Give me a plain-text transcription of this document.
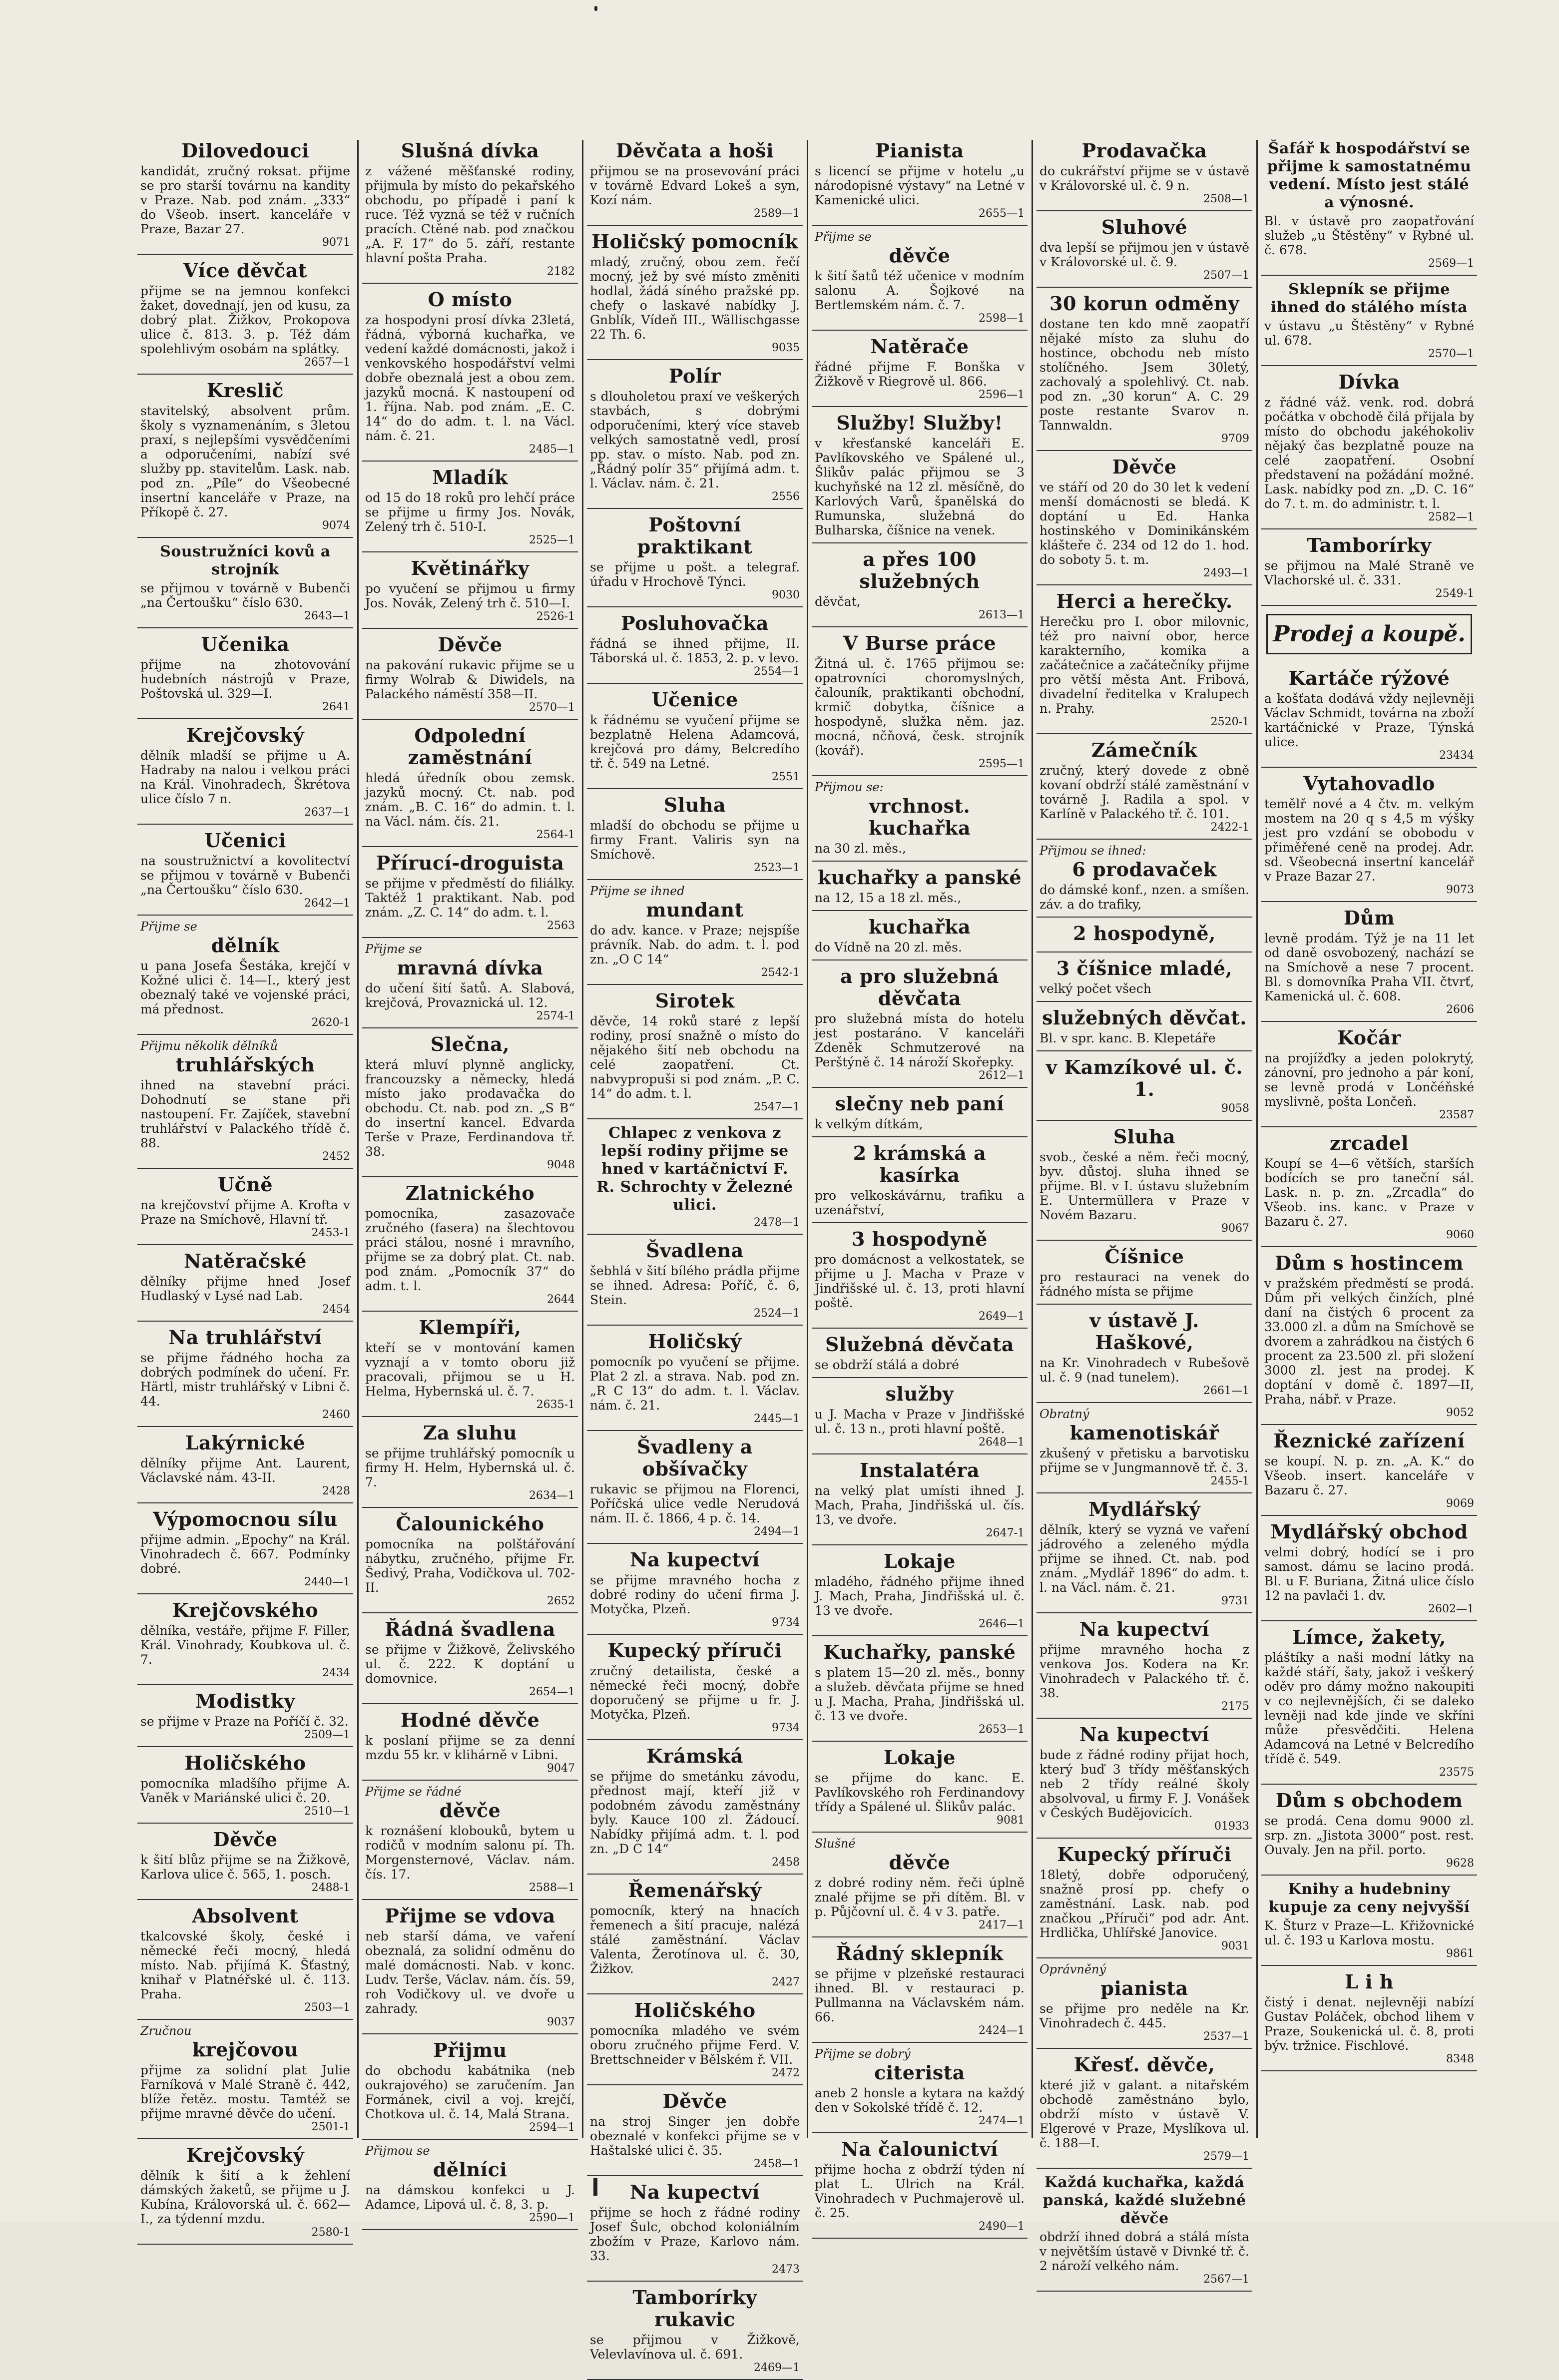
Dilovedouci
kandidát, zručný roksat. přijme se pro starší továrnu na kandity v Praze. Nab. pod znám. „333“ do Všeob. insert. kanceláře v Praze, Bazar 27.
9071
Více děvčat
přijme se na jemnou konfekci žaket, dovednají, jen od kusu, za dobrý plat. Žižkov, Prokopova ulice č. 813. 3. p. Též dám spolehlivým osobám na splátky.
2657—1
Kreslič
stavitelský, absolvent prům. školy s vyznamenáním, s 3letou praxí, s nejlepšími vysvědčeními a odporučeními, nabízí své služby pp. stavitelům. Lask. nab. pod zn. „Píle“ do Všeobecné insertní kanceláře v Praze, na Příkopě č. 27.
9074
Soustružníci kovů a strojník
se přijmou v továrně v Bubenči „na Čertoušku“ číslo 630.
2643—1
Učenika
přijme na zhotovování hudebních nástrojů v Praze, Poštovská ul. 329—I.
2641
Krejčovský
dělník mladší se přijme u A. Hadraby na nalou i velkou práci na Král. Vinohradech, Škrétova ulice číslo 7 n.
2637—1
Učenici
na soustružnictví a kovolitectví se přijmou v továrně v Bubenči „na Čertoušku“ číslo 630.
2642—1
Přijme se
dělník
u pana Josefa Šestáka, krejčí v Kožné ulici č. 14—I., který jest obeznalý také ve vojenské práci, má přednost.
2620-1
Přijmu několik dělníků
truhlářských
ihned na stavební práci. Dohodnutí se stane při nastoupení. Fr. Zajíček, stavební truhlářství v Palackého třídě č. 88.
2452
Učně
na krejčovství přijme A. Krofta v Praze na Smíchově, Hlavní tř.
2453-1
Natěračské
dělníky přijme hned Josef Hudlaský v Lysé nad Lab.
2454
Na truhlářství
se přijme řádného hocha za dobrých podmínek do učení. Fr. Härtl, mistr truhlářský v Libni č. 44.
2460
Lakýrnické
dělníky přijme Ant. Laurent, Václavské nám. 43-II.
2428
Výpomocnou sílu
přijme admin. „Epochy“ na Král. Vinohradech č. 667. Podmínky dobré.
2440—1
Krejčovského
dělníka, vestáře, přijme F. Filler, Král. Vinohrady, Koubkova ul. č. 7.
2434
Modistky
se přijme v Praze na Poříčí č. 32.
2509—1
Holičského
pomocníka mladšího přijme A. Vaněk v Mariánské ulici č. 20.
2510—1
Děvče
k šití blůz přijme se na Žižkově, Karlova ulice č. 565, 1. posch.
2488-1
Absolvent
tkalcovské školy, české i německé řeči mocný, hledá místo. Nab. přijímá K. Šťastný, knihař v Platnéřské ul. č. 113. Praha.
2503—1
Zručnou
krejčovou
přijme za solidní plat Julie Farníková v Malé Straně č. 442, blíže řetěz. mostu. Tamtéž se přijme mravné děvče do učení.
2501-1
Krejčovský
dělník k šití a k žehlení dámských žaketů, se přijme u J. Kubína, Královorská ul. č. 662—I., za týdenní mzdu.
2580-1
Slušná dívka
z vážené měšťanské rodiny, přijmula by místo do pekařského obchodu, po případě i paní k ruce. Též vyzná se též v ručních pracích. Ctěné nab. pod značkou „A. F. 17“ do 5. září, restante hlavní pošta Praha.
2182
O místo
za hospodyni prosí dívka 23letá, řádná, výborná kuchařka, ve vedení každé domácnosti, jakož i venkovského hospodářství velmi dobře obeznalá jest a obou zem. jazyků mocná. K nastoupení od 1. října. Nab. pod znám. „E. C. 14“ do do adm. t. l. na Václ. nám. č. 21.
2485—1
Mladík
od 15 do 18 roků pro lehčí práce se přijme u firmy Jos. Novák, Zelený trh č. 510-I.
2525—1
Květinářky
po vyučení se přijmou u firmy Jos. Novák, Zelený trh č. 510—I.
2526-1
Děvče
na pakování rukavic přijme se u firmy Wolrab & Diwidels, na Palackého náměstí 358—II.
2570—1
Odpolední zaměstnání
hledá úředník obou zemsk. jazyků mocný. Ct. nab. pod znám. „B. C. 16“ do admin. t. l. na Václ. nám. čís. 21.
2564-1
Přírucí-droguista
se přijme v předměstí do filiálky. Taktéž 1 praktikant. Nab. pod znám. „Z. C. 14“ do adm. t. l.
2563
Přijme se
mravná dívka
do učení šití šatů. A. Slabová, krejčová, Provaznická ul. 12.
2574-1
Slečna,
která mluví plynně anglicky, francouzsky a německy, hledá místo jako prodavačka do obchodu. Ct. nab. pod zn. „S B“ do insertní kancel. Edvarda Terše v Praze, Ferdinandova tř. 38.
9048
Zlatnického
pomocníka, zasazovače zručného (fasera) na šlechtovou práci stálou, nosné i mravního, přijme se za dobrý plat. Ct. nab. pod znám. „Pomocník 37“ do adm. t. l.
2644
Klempíři,
kteří se v montování kamen vyznají a v tomto oboru již pracovali, přijmou se u H. Helma, Hybernská ul. č. 7.
2635-1
Za sluhu
se přijme truhlářský pomocník u firmy H. Helm, Hybernská ul. č. 7.
2634—1
Čalounického
pomocníka na polštářování nábytku, zručného, přijme Fr. Šedivý, Praha, Vodičkova ul. 702-II.
2652
Řádná švadlena
se přijme v Žižkově, Želivského ul. č. 222. K doptání u domovnice.
2654—1
Hodné děvče
k poslaní přijme se za denní mzdu 55 kr. v klihárně v Libni.
9047
Přijme se řádné
děvče
k roznášení klobouků, bytem u rodičů v modním salonu pí. Th. Morgensternové, Václav. nám. čís. 17.
2588—1
Přijme se vdova
neb starší dáma, ve vaření obeznalá, za solidní odměnu do malé domácnosti. Nab. v konc. Ludv. Terše, Václav. nám. čís. 59, roh Vodičkovy ul. ve dvoře u zahrady.
9037
Přijmu
do obchodu kabátnika (neb oukrajového) se zaručením. Jan Formánek, civil a voj. krejčí, Chotkova ul. č. 14, Malá Strana.
2594—1
Přijmou se
dělníci
na dámskou konfekci u J. Adamce, Lipová ul. č. 8, 3. p.
2590—1
Děvčata a hoši
přijmou se na prosevování práci v továrně Edvard Lokeš a syn, Kozí nám.
2589—1
Holičský pomocník
mladý, zručný, obou zem. řečí mocný, jež by své místo změniti hodlal, žádá síného pražské pp. chefy o laskavé nabídky J. Gnblík, Vídeň III., Wällischgasse 22 Th. 6.
9035
Polír
s dlouholetou praxí ve veškerých stavbách, s dobrými odporučeními, který více staveb velkých samostatně vedl, prosí pp. stav. o místo. Nab. pod zn. „Řádný polír 35“ přijímá adm. t. l. Václav. nám. č. 21.
2556
Poštovní praktikant
se přijme u pošt. a telegraf. úřadu v Hrochově Týnci.
9030
Posluhovačka
řádná se ihned přijme, II. Táborská ul. č. 1853, 2. p. v levo.
2554—1
Učenice
k řádnému se vyučení přijme se bezplatně Helena Adamcová, krejčová pro dámy, Belcredího tř. č. 549 na Letné.
2551
Sluha
mladší do obchodu se přijme u firmy Frant. Valiris syn na Smíchově.
2523—1
Přijme se ihned
mundant
do adv. kance. v Praze; nejspíše právník. Nab. do adm. t. l. pod zn. „O C 14“
2542-1
Sirotek
děvče, 14 roků staré z lepší rodiny, prosí snažně o místo do nějakého šití neb obchodu na celé zaopatření. Ct. nabvypropuši si pod znám. „P. C. 14“ do adm. t. l.
2547—1
Chlapec z venkova z lepší rodiny přijme se hned v kartáčnictví F. R. Schrochty v Železné ulici.
2478—1
Švadlena
šebhlá v šití bílého prádla přijme se ihned. Adresa: Poříč, č. 6, Stein.
2524—1
Holičský
pomocník po vyučení se přijme. Plat 2 zl. a strava. Nab. pod zn. „R C 13“ do adm. t. l. Václav. nám. č. 21.
2445—1
Švadleny a obšívačky
rukavic se přijmou na Florenci, Poříčská ulice vedle Nerudová nám. II. č. 1866, 4 p. č. 14.
2494—1
Na kupectví
se přijme mravného hocha z dobré rodiny do učení firma J. Motyčka, Plzeň.
9734
Kupecký příruči
zručný detailista, české a německé řeči mocný, dobře doporučený se přijme u fr. J. Motyčka, Plzeň.
9734
Krámská
se přijme do smetánku závodu, přednost mají, kteří již v podobném závodu zaměstnány byly. Kauce 100 zl. Žádoucí. Nabídky přijímá adm. t. l. pod zn. „D C 14“
2458
Řemenářský
pomocník, který na hnacích řemenech a šití pracuje, nalézá stálé zaměstnání. Václav Valenta, Žerotínova ul. č. 30, Žižkov.
2427
Holičského
pomocníka mladého ve svém oboru zručného přijme Ferd. V. Brettschneider v Bělském ř. VII.
2472
Děvče
na stroj Singer jen dobře obeznalé v konfekci přijme se v Haštalské ulici č. 35.
2458—1
Na kupectví
přijme se hoch z řádné rodiny Josef Šulc, obchod koloniálním zbožím v Praze, Karlovo nám. 33.
2473
Tamborírky rukavic
se přijmou v Žižkově, Velevlavínova ul. č. 691.
2469—1
Pianista
s licencí se přijme v hotelu „u národopisné výstavy“ na Letné v Kamenické ulici.
2655—1
Přijme se
děvče
k šití šatů též učenice v modním salonu A. Šojkové na Bertlemském nám. č. 7.
2598—1
Natěrače
řádné přijme F. Bonška v Žižkově v Riegrově ul. 866.
2596—1
Služby! Služby!
v křesťanské kanceláři E. Pavlíkovského ve Spálené ul., Šlikův palác přijmou se 3 kuchyňské na 12 zl. měsíčně, do Karlových Varů, španělská do Rumunska, služebná do Bulharska, číšnice na venek.
a přes 100 služebných
děvčat,
2613—1
V Burse práce
Žitná ul. č. 1765 přijmou se: opatrovníci choromyslných, čalouník, praktikanti obchodní, krmič dobytka, číšnice a hospodyně, služka něm. jaz. mocná, nčňová, česk. strojník (kovář).
2595—1
Přijmou se:
vrchnost. kuchařka
na 30 zl. měs.,
kuchařky a panské
na 12, 15 a 18 zl. měs.,
kuchařka
do Vídně na 20 zl. měs.
a pro služebná děvčata
pro služebná místa do hotelu jest postaráno. V kanceláři Zdeněk Schmutzerové na Perštýně č. 14 nároží Skořepky.
2612—1
slečny neb paní
k velkým dítkám,
2 krámská a kasírka
pro velkoskávárnu, trafiku a uzenářství,
3 hospodyně
pro domácnost a velkostatek, se přijme u J. Macha v Praze v Jindřišské ul. č. 13, proti hlavní poště.
2649—1
Služebná děvčata
se obdrží stálá a dobré
služby
u J. Macha v Praze v Jindřišské ul. č. 13 n., proti hlavní poště.
2648—1
Instalatéra
na velký plat umísti ihned J. Mach, Praha, Jindřišská ul. čís. 13, ve dvoře.
2647-1
Lokaje
mladého, řádného přijme ihned J. Mach, Praha, Jindřišská ul. č. 13 ve dvoře.
2646—1
Kuchařky, panské
s platem 15—20 zl. měs., bonny a služeb. děvčata přijme se hned u J. Macha, Praha, Jindřišská ul. č. 13 ve dvoře.
2653—1
Lokaje
se přijme do kanc. E. Pavlíkovského roh Ferdinandovy třídy a Spálené ul. Šlikův palác.
9081
Slušné
děvče
z dobré rodiny něm. řeči úplně znalé přijme se při dítěm. Bl. v p. Půjčovní ul. č. 4 v 3. patře.
2417—1
Řádný sklepník
se přijme v plzeňské restauraci ihned. Bl. v restauraci p. Pullmanna na Václavském nám. 66.
2424—1
Přijme se dobrý
citerista
aneb 2 honsle a kytara na každý den v Sokolské třídě č. 12.
2474—1
Na čalounictví
přijme hocha z obdrží týden ní plat L. Ulrich na Král. Vinohradech v Puchmajerově ul. č. 25.
2490—1
Prodavačka
do cukrářství přijme se v ústavě v Královorské ul. č. 9 n.
2508—1
Sluhové
dva lepší se přijmou jen v ústavě v Královorské ul. č. 9.
2507—1
30 korun odměny
dostane ten kdo mně zaopatří nějaké místo za sluhu do hostince, obchodu neb místo stolíčného. Jsem 30letý, zachovalý a spolehlivý. Ct. nab. pod zn. „30 korun“ A. C. 29 poste restante Svarov n. Tannwaldn.
9709
Děvče
ve stáří od 20 do 30 let k vedení menší domácnosti se bledá. K doptání u Ed. Hanka hostinského v Dominikánském klášteře č. 234 od 12 do 1. hod. do soboty 5. t. m.
2493—1
Herci a herečky.
Herečku pro I. obor milovnic, též pro naivní obor, herce karakterního, komika a začátečnice a začátečníky přijme pro větší města Ant. Fribová, divadelní ředitelka v Kralupech n. Prahy.
2520-1
Zámečník
zručný, který dovede z obně kovaní obdrží stálé zaměstnání v továrně J. Radila a spol. v Karlíně v Palackého tř. č. 101.
2422-1
Přijmou se ihned:
6 prodavaček
do dámské konf., nzen. a smíšen. záv. a do trafiky,
2 hospodyně,
3 číšnice mladé,
velký počet všech
služebných děvčat.
Bl. v spr. kanc. B. Klepetáře
v Kamzíkové ul. č. 1.
9058
Sluha
svob., české a něm. řeči mocný, byv. důstoj. sluha ihned se přijme. Bl. v I. ústavu služebním E. Untermüllera v Praze v Novém Bazaru.
9067
Číšnice
pro restauraci na venek do řádného místa se přijme
v ústavě J. Haškové,
na Kr. Vinohradech v Rubešově ul. č. 9 (nad tunelem).
2661—1
Obratný
kamenotiskář
zkušený v přetisku a barvotisku přijme se v Jungmannově tř. č. 3.
2455-1
Mydlářský
dělník, který se vyzná ve vaření jádrového a zeleného mýdla přijme se ihned. Ct. nab. pod znám. „Mydlář 1896“ do adm. t. l. na Václ. nám. č. 21.
9731
Na kupectví
přijme mravného hocha z venkova Jos. Kodera na Kr. Vinohradech v Palackého tř. č. 38.
2175
Na kupectví
bude z řádné rodiny přijat hoch, který buď 3 třídy měšťanských neb 2 třídy reálné školy absolvoval, u firmy F. J. Vonášek v Českých Budějovicích.
01933
Kupecký příruči
18letý, dobře odporučený, snažně prosí pp. chefy o zaměstnání. Lask. nab. pod značkou „Příruči“ pod adr. Ant. Hrdlička, Uhlířské Janovice.
9031
Oprávněný
pianista
se přijme pro neděle na Kr. Vinohradech č. 445.
2537—1
Křesť. děvče,
které již v galant. a nitařském obchodě zaměstnáno bylo, obdrží místo v ústavě V. Elgerové v Praze, Myslíkova ul. č. 188—I.
2579—1
Každá kuchařka, každá panská, každé služebné děvče
obdrží ihned dobrá a stálá místa v největším ústavě v Divnké tř. č. 2 nároží velkého nám.
2567—1
Šafář k hospodářství se přijme k samostatnému vedení. Místo jest stálé a výnosné.
Bl. v ústavě pro zaopatřování služeb „u Štěstěny“ v Rybné ul. č. 678.
2569—1
Sklepník se přijme ihned do stálého místa
v ústavu „u Štěstěny“ v Rybné ul. 678.
2570—1
Dívka
z řádné váž. venk. rod. dobrá počátka v obchodě čilá přijala by místo do obchodu jakéhokoliv nějaký čas bezplatně pouze na celé zaopatření. Osobní představení na požádání možné. Lask. nabídky pod zn. „D. C. 16“ do 7. t. m. do administr. t. l.
2582—1
Tamborírky
se přijmou na Malé Straně ve Vlachorské ul. č. 331.
2549-1
Prodej a koupě.
Kartáče rýžové
a košťata dodává vždy nejlevněji Václav Schmidt, továrna na zboží kartáčnické v Praze, Týnská ulice.
23434
Vytahovadlo
temělř nové a 4 čtv. m. velkým mostem na 20 q s 4,5 m výšky jest pro vzdání se obobodu v přiměřené ceně na prodej. Adr. sd. Všeobecná insertní kancelář v Praze Bazar 27.
9073
Dům
levně prodám. Týž je na 11 let od daně osvobozený, nachází se na Smíchově a nese 7 procent. Bl. s domovníka Praha VII. čtvrť, Kamenická ul. č. 608.
2606
Kočár
na projížďky a jeden polokrytý, zánovní, pro jednoho a pár koní, se levně prodá v Lončéňské myslivně, pošta Lončeň.
23587
zrcadel
Koupí se 4—6 větších, starších bodících se pro taneční sál. Lask. n. p. zn. „Zrcadla“ do Všeob. ins. kanc. v Praze v Bazaru č. 27.
9060
Dům s hostincem
v pražském předměstí se prodá. Dům při velkých činžích, plné daní na čistých 6 procent za 33.000 zl. a dům na Smíchově se dvorem a zahrádkou na čistých 6 procent za 23.500 zl. při složení 3000 zl. jest na prodej. K doptání v domě č. 1897—II, Praha, nábř. v Praze.
9052
Řeznické zařízení
se koupí. N. p. zn. „A. K.“ do Všeob. insert. kanceláře v Bazaru č. 27.
9069
Mydlářský obchod
velmi dobrý, hodící se i pro samost. dámu se lacino prodá. Bl. u F. Buriana, Žitná ulice číslo 12 na pavlači 1. dv.
2602—1
Límce, žakety,
pláštíky a naši modní látky na každé stáří, šaty, jakož i veškerý oděv pro dámy možno nakoupiti v co nejlevnějších, či se daleko levněji nad kde jinde ve skříni může přesvědčiti. Helena Adamcová na Letné v Belcredího třídě č. 549.
23575
Dům s obchodem
se prodá. Cena domu 9000 zl. srp. zn. „Jistota 3000“ post. rest. Ouvaly. Jen na přil. porto.
9628
Knihy a hudebniny kupuje za ceny nejvyšší
K. Šturz v Praze—L. Křižovnické ul. č. 193 u Karlova mostu.
9861
L i h
čistý i denat. nejlevněji nabízí Gustav Poláček, obchod lihem v Praze, Soukenická ul. č. 8, proti býv. tržnice. Fischlové.
8348
